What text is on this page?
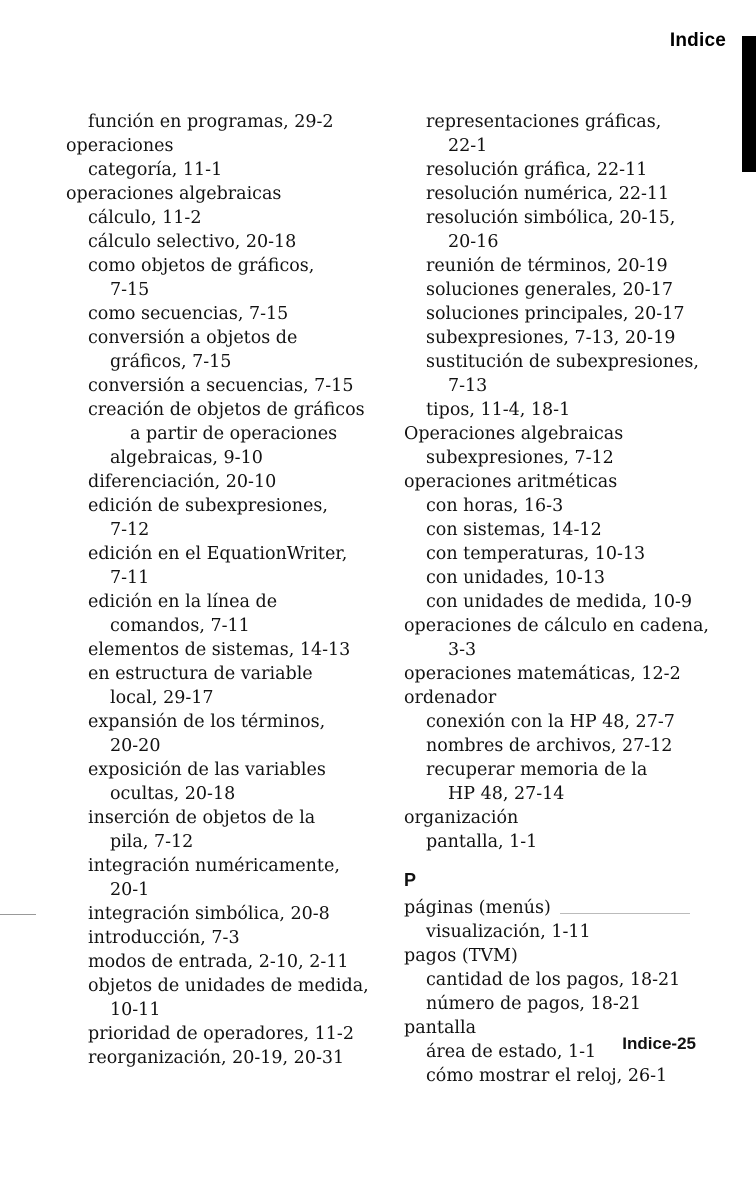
Indice
función en programas, 29-2
operaciones
categoría, 11-1
operaciones algebraicas
cálculo, 11-2
cálculo selectivo, 20-18
como objetos de gráficos,
7-15
como secuencias, 7-15
conversión a objetos de
gráficos, 7-15
conversión a secuencias, 7-15
creación de objetos de gráficos
a partir de operaciones
algebraicas, 9-10
diferenciación, 20-10
edición de subexpresiones,
7-12
edición en el EquationWriter,
7-11
edición en la línea de
comandos, 7-11
elementos de sistemas, 14-13
en estructura de variable
local, 29-17
expansión de los términos,
20-20
exposición de las variables
ocultas, 20-18
inserción de objetos de la
pila, 7-12
integración numéricamente,
20-1
integración simbólica, 20-8
introducción, 7-3
modos de entrada, 2-10, 2-11
objetos de unidades de medida,
10-11
prioridad de operadores, 11-2
reorganización, 20-19, 20-31
representaciones gráficas,
22-1
resolución gráfica, 22-11
resolución numérica, 22-11
resolución simbólica, 20-15,
20-16
reunión de términos, 20-19
soluciones generales, 20-17
soluciones principales, 20-17
subexpresiones, 7-13, 20-19
sustitución de subexpresiones,
7-13
tipos, 11-4, 18-1
Operaciones algebraicas
subexpresiones, 7-12
operaciones aritméticas
con horas, 16-3
con sistemas, 14-12
con temperaturas, 10-13
con unidades, 10-13
con unidades de medida, 10-9
operaciones de cálculo en cadena,
3-3
operaciones matemáticas, 12-2
ordenador
conexión con la HP 48, 27-7
nombres de archivos, 27-12
recuperar memoria de la
HP 48, 27-14
organización
pantalla, 1-1
P
páginas (menús)
visualización, 1-11
pagos (TVM)
cantidad de los pagos, 18-21
número de pagos, 18-21
pantalla
área de estado, 1-1
cómo mostrar el reloj, 26-1
Indice-25
